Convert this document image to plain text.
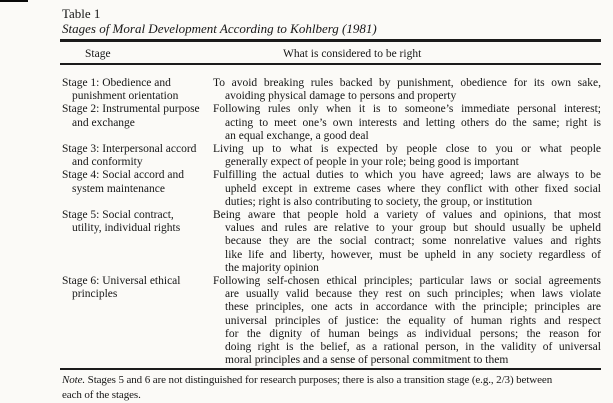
Table 1
Stages of Moral Development According to Kohlberg (1981)
Stage	What is considered to be right
Stage 1: Obedience and
punishment orientation
To avoid breaking rules backed by punishment, obedience for its own sake,
avoiding physical damage to persons and property
Stage 2: Instrumental purpose
and exchange
Following rules only when it is to someone’s immediate personal interest;
acting to meet one’s own interests and letting others do the same; right is
an equal exchange, a good deal
Stage 3: Interpersonal accord
and conformity
Living up to what is expected by people close to you or what people
generally expect of people in your role; being good is important
Stage 4: Social accord and
system maintenance
Fulfilling the actual duties to which you have agreed; laws are always to be
upheld except in extreme cases where they conflict with other fixed social
duties; right is also contributing to society, the group, or institution
Stage 5: Social contract,
utility, individual rights
Being aware that people hold a variety of values and opinions, that most
values and rules are relative to your group but should usually be upheld
because they are the social contract; some nonrelative values and rights
like life and liberty, however, must be upheld in any society regardless of
the majority opinion
Stage 6: Universal ethical
principles
Following self-chosen ethical principles; particular laws or social agreements
are usually valid because they rest on such principles; when laws violate
these principles, one acts in accordance with the principle; principles are
universal principles of justice: the equality of human rights and respect
for the dignity of human beings as individual persons; the reason for
doing right is the belief, as a rational person, in the validity of universal
moral principles and a sense of personal commitment to them
Note. Stages 5 and 6 are not distinguished for research purposes; there is also a transition stage (e.g., 2/3) between
each of the stages.
